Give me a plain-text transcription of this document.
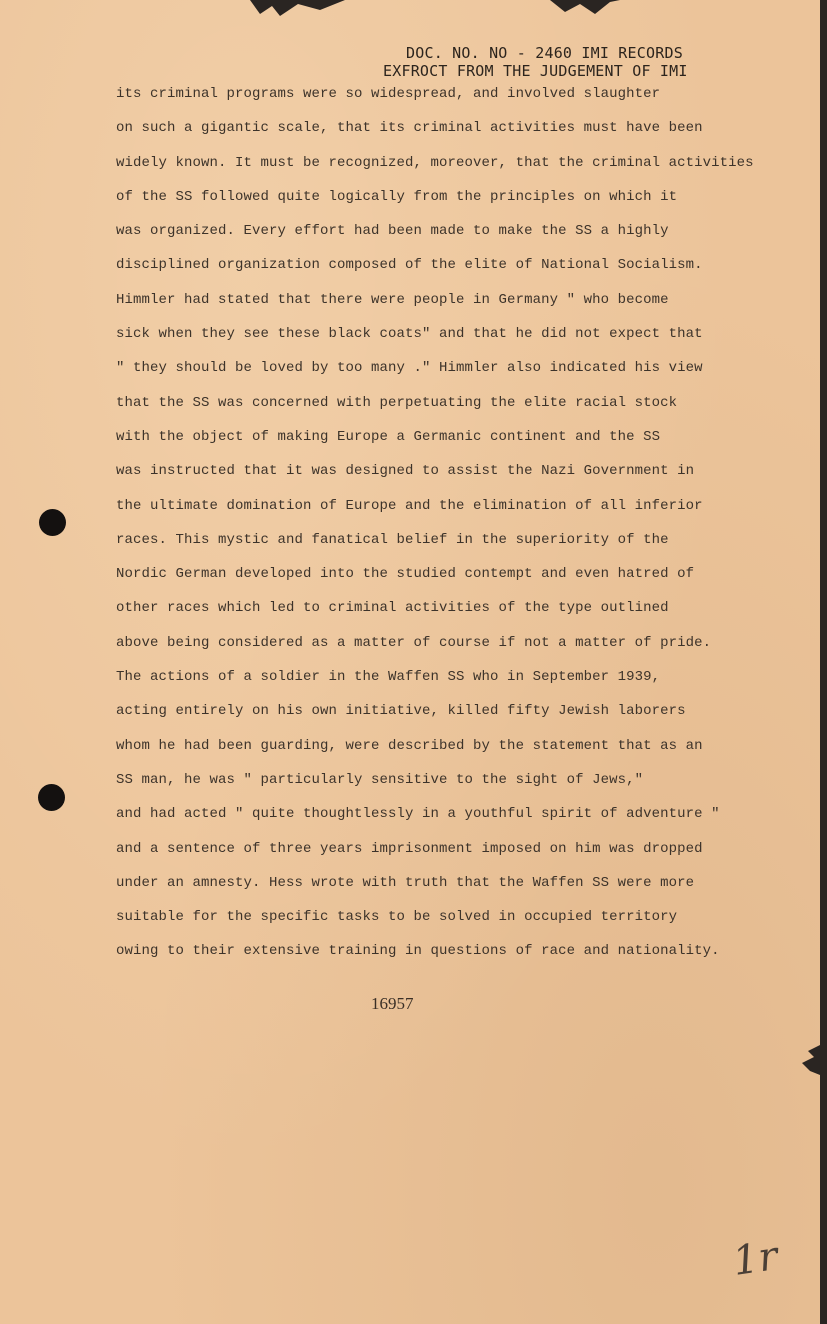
DOC. NO. NO - 2460 IMI RECORDS
EXFROCT FROM THE JUDGEMENT OF IMI
its criminal programs were so widespread, and involved slaughter
on such a gigantic scale, that its criminal activities must have been
widely known. It must be recognized, moreover, that the criminal activities
of the SS followed quite logically from the principles on which it
was organized. Every effort had been made to make the SS a highly
disciplined organization composed of the elite of National Socialism.
Himmler had stated that there were people in Germany " who become
sick when they see these black coats" and that he did not expect that
" they should be loved by too many ." Himmler also indicated his view
that the SS was concerned with perpetuating the elite racial stock
with the object of making Europe a Germanic continent and the SS
was instructed that it was designed to assist the Nazi Government in
the ultimate domination of Europe and the elimination of all inferior
races. This mystic and fanatical belief in the superiority of the
Nordic German developed into the studied contempt and even hatred of
other races which led to criminal activities of the type outlined
above being considered as a matter of course if not a matter of pride.
The actions of a soldier in the Waffen SS who in September 1939,
acting entirely on his own initiative, killed fifty Jewish laborers
whom he had been guarding, were described by the statement that as an
SS man, he was " particularly sensitive to the sight of Jews,"
and had acted " quite thoughtlessly in a youthful spirit of adventure "
and a sentence of three years imprisonment imposed on him was dropped
under an amnesty. Hess wrote with truth that the Waffen SS were more
suitable for the specific tasks to be solved in occupied territory
owing to their extensive training in questions of race and nationality.
16957
1r
